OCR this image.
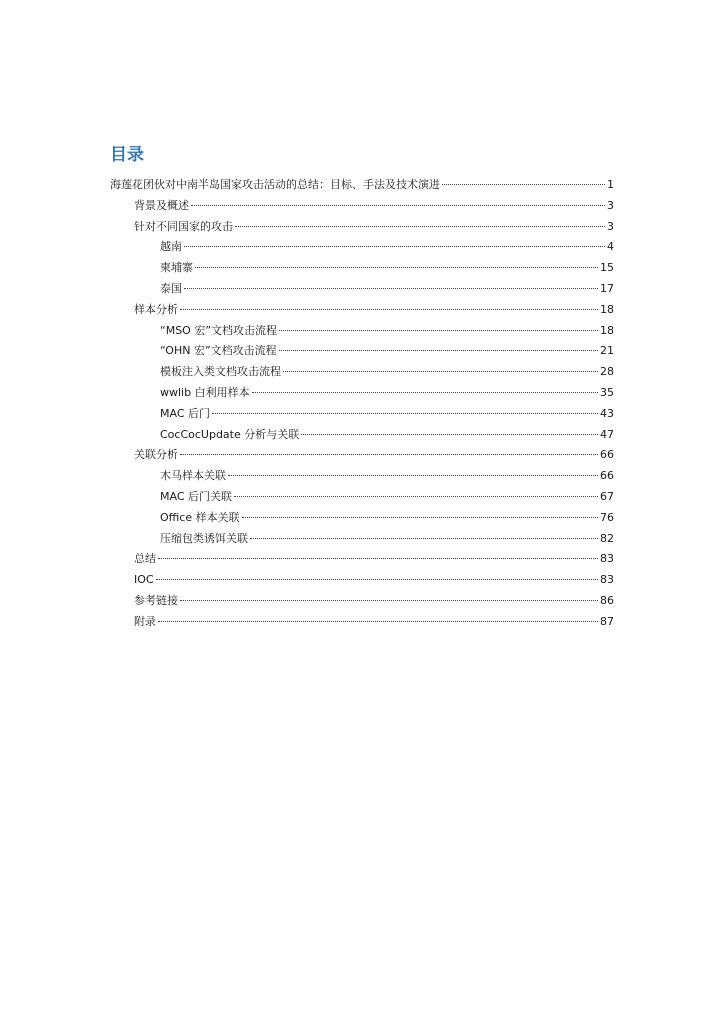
目录
海莲花团伙对中南半岛国家攻击活动的总结：目标、手法及技术演进	1
背景及概述	3
针对不同国家的攻击	3
越南	4
柬埔寨	15
泰国	17
样本分析	18
“MSO 宏”文档攻击流程	18
“OHN 宏”文档攻击流程	21
模板注入类文档攻击流程	28
wwlib 白利用样本	35
MAC 后门	43
CocCocUpdate 分析与关联	47
关联分析	66
木马样本关联	66
MAC 后门关联	67
Office 样本关联	76
压缩包类诱饵关联	82
总结	83
IOC	83
参考链接	86
附录	87
